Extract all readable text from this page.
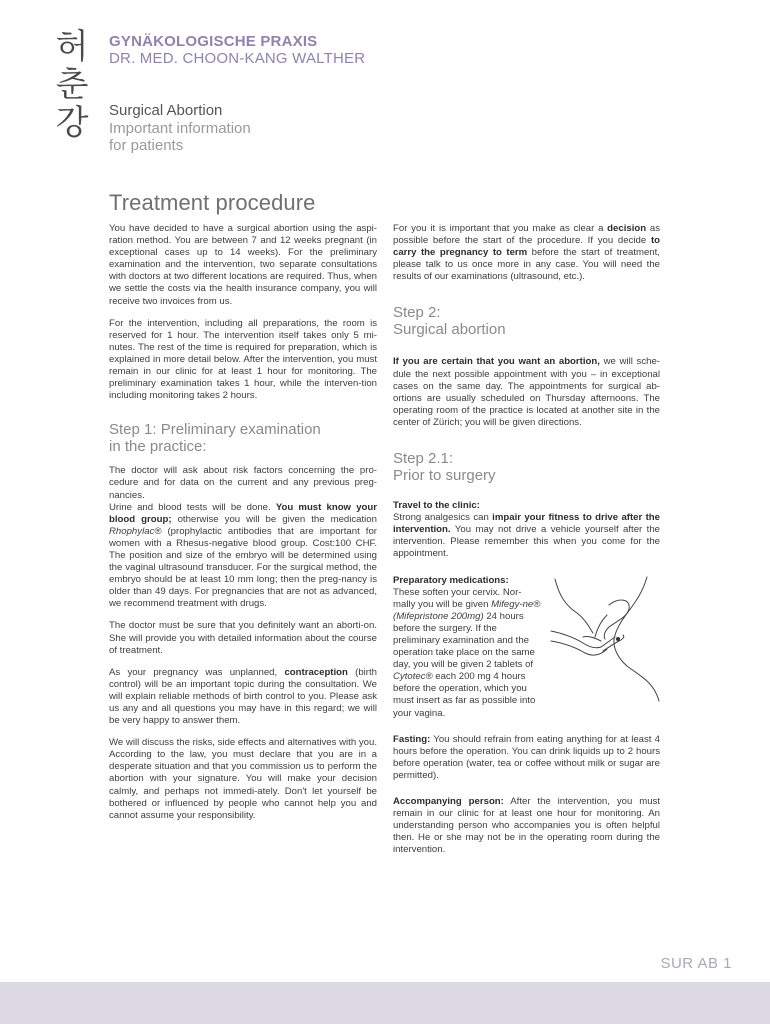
허
춘
강
GYNÄKOLOGISCHE PRAXIS
DR. MED. CHOON-KANG WALTHER
Surgical Abortion
Important information
for patients
Treatment procedure

You have decided to have a surgical abortion using the aspi-ration method. You are between 7 and 12 weeks pregnant (in exceptional cases up to 14 weeks). For the preliminary examination and the intervention, two separate consultations with doctors at two different locations are required. Thus, when we settle the costs via the health insurance company, you will receive two invoices from us.

For the intervention, including all preparations, the room is reserved for 1 hour. The intervention itself takes only 5 mi-nutes. The rest of the time is required for preparation, which is explained in more detail below. After the intervention, you must remain in our clinic for at least 1 hour for monitoring. The preliminary examination takes 1 hour, while the interven-tion including monitoring takes 2 hours.

Step 1: Preliminary examination
in the practice:

The doctor will ask about risk factors concerning the pro-cedure and for data on the current and any previous preg-nancies.

Urine and blood tests will be done. You must know your blood group; otherwise you will be given the medication Rhophylac® (prophylactic antibodies that are important for women with a Rhesus-negative blood group. Cost:100 CHF. The position and size of the embryo will be determined using the vaginal ultrasound transducer. For the surgical method, the embryo should be at least 10 mm long; then the preg-nancy is older than 49 days. For pregnancies that are not as advanced, we recommend treatment with drugs.

The doctor must be sure that you definitely want an aborti-on. She will provide you with detailed information about the course of treatment.

As your pregnancy was unplanned, contraception (birth control) will be an important topic during the consultation. We will explain reliable methods of birth control to you. Please ask us any and all questions you may have in this regard; we will be very happy to answer them.

We will discuss the risks, side effects and alternatives with you. According to the law, you must declare that you are in a desperate situation and that you commission us to perform the abortion with your signature. You will make your decision calmly, and perhaps not immedi-ately. Don't let yourself be bothered or influenced by people who cannot help you and cannot assume your responsibility.

For you it is important that you make as clear a decision as possible before the start of the procedure. If you decide to carry the pregnancy to term before the start of treatment, please talk to us once more in any case. You will need the results of our examinations (ultrasound, etc.).

Step 2:
Surgical abortion

If you are certain that you want an abortion, we will sche-dule the next possible appointment with you – in exceptional cases on the same day. The appointments for surgical ab-ortions are usually scheduled on Thursday afternoons. The operating room of the practice is located at another site in the center of Zürich; you will be given directions.

Step 2.1:
Prior to surgery

Travel to the clinic:
Strong analgesics can impair your fitness to drive after the intervention. You may not drive a vehicle yourself after the intervention. Please remember this when you come for the appointment.

Preparatory medications:
These soften your cervix. Nor-mally you will be given Mifegy-ne® (Mifepristone 200mg) 24 hours before the surgery. If the preliminary examination and the operation take place on the same day, you will be given 2 tablets of Cytotec® each 200 mg 4 hours before the operation, which you must insert as far as possible into your vagina.

Fasting: You should refrain from eating anything for at least 4 hours before the operation. You can drink liquids up to 2 hours before operation (water, tea or coffee without milk or sugar are permitted).

Accompanying person: After the intervention, you must remain in our clinic for at least one hour for monitoring. An understanding person who accompanies you is often helpful then. He or she may not be in the operating room during the intervention.

SUR AB 1
